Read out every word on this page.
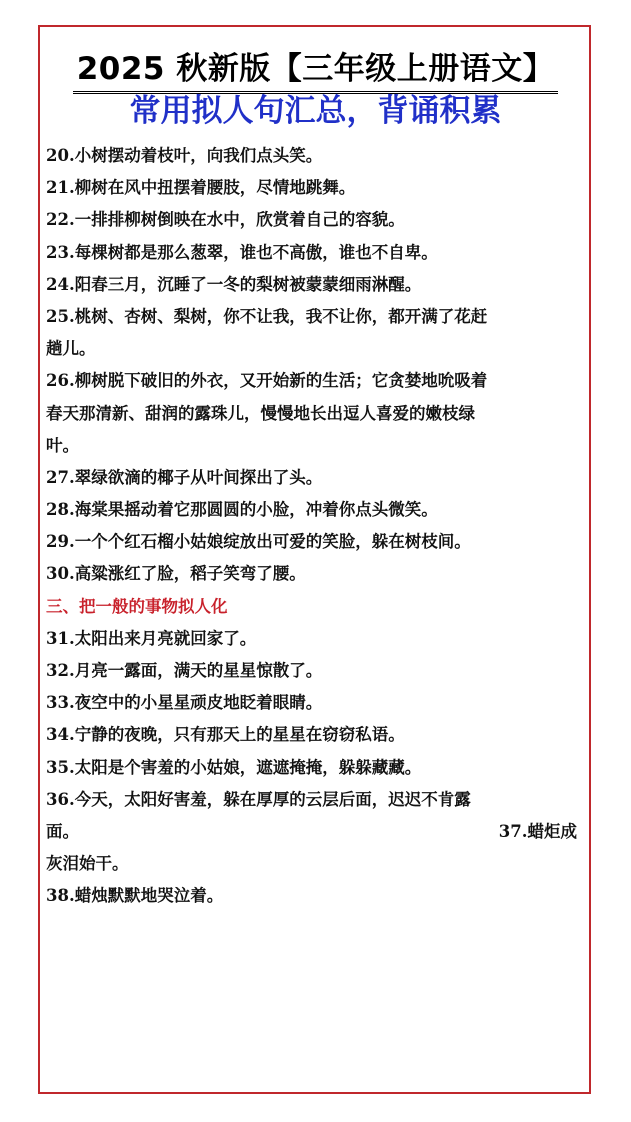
2025 秋新版【三年级上册语文】
常用拟人句汇总，背诵积累
20.小树摆动着枝叶，向我们点头笑。
21.柳树在风中扭摆着腰肢，尽情地跳舞。
22.一排排柳树倒映在水中，欣赏着自己的容貌。
23.每棵树都是那么葱翠，谁也不高傲，谁也不自卑。
24.阳春三月，沉睡了一冬的梨树被蒙蒙细雨淋醒。
25.桃树、杏树、梨树，你不让我，我不让你，都开满了花赶
趟儿。
26.柳树脱下破旧的外衣，又开始新的生活；它贪婪地吮吸着
春天那清新、甜润的露珠儿，慢慢地长出逗人喜爱的嫩枝绿
叶。
27.翠绿欲滴的椰子从叶间探出了头。
28.海棠果摇动着它那圆圆的小脸，冲着你点头微笑。
29.一个个红石榴小姑娘绽放出可爱的笑脸，躲在树枝间。
30.高粱涨红了脸，稻子笑弯了腰。
三、把一般的事物拟人化
31.太阳出来月亮就回家了。
32.月亮一露面，满天的星星惊散了。
33.夜空中的小星星顽皮地眨着眼睛。
34.宁静的夜晚，只有那天上的星星在窃窃私语。
35.太阳是个害羞的小姑娘，遮遮掩掩，躲躲藏藏。
36.今天，太阳好害羞，躲在厚厚的云层后面，迟迟不肯露
面。	37.蜡炬成
灰泪始干。
38.蜡烛默默地哭泣着。
